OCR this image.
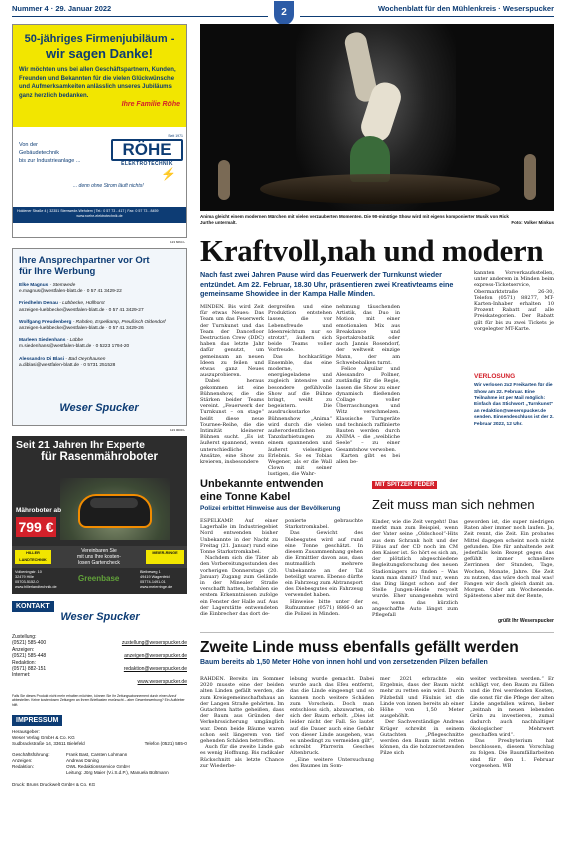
Nummer 4 · 29. Januar 2022	2	Wochenblatt für den Mühlenkreis · Weserspucker
50-jähriges Firmenjubiläum -
wir sagen Danke!
Wir möchten uns bei allen Geschäftspartnern, Kunden, Freunden und Bekannten für die vielen Glückwünsche und Aufmerksamkeiten anlässlich unseres Jubiläums ganz herzlich bedanken.
Ihre Familie Röhe
Von der
Gebäudetechnik
bis zur Industrieanlage ...
Seit 1971
RÖHE
ELEKTROTECHNIK
... denn ohne Strom läuft nichts!
⚡
Holdener Straße 4 | 32351 Stemwede-Wehdem | Tel.: 0 57 73 - 417 | Fax: 0 57 73 - 8459
www.roehe-elektrotechnik.de
123 6064 L
Ihre Ansprechpartner vor Ort
für Ihre Werbung
Elke Magnus - Stemwede
e.magnus@westfalen-blatt.de · 0 57 41 3429-22
Friedhelm Denau - Lübbecke, Hüllhorst
anzeigen-luebbecke@westfalen-blatt.de · 0 57 41 3429-27
Wolfgang Freudenberg - Rahden, Espelkamp, Preußisch Oldendorf
anzeigen-luebbecke@westfalen-blatt.de · 0 57 41 3429-26
Marleen Siedenhans - Lübbe
m.siedenhans@westfalen-blatt.de · 0 5223 1794-20
Alessandro Di Blasi - Bad Oeynhausen
a.diblasi@westfalen-blatt.de · 0 5731 251528
Weser Spucker
123 0000 L
Seit 21 Jahren Ihr Experte
für Rasenmähroboter
Mähroboter ab
799 €
HILLER LANDTECHNIK
Vereinbaren Sie
mit uns Ihre kosten-
losen Gartencheck
MEIER-RINGE
Volkeningstr. 10
32479 Hille
05703-5152-0
www.hillerlandtechnik.de
Greenbase
Bleibeweg 1
49419 Wagenfeld
05774-1491-01
www.meierringe.de
KONTAKT
Weser Spucker
Zustellung:
(0521) 585-400	zustellung@weserspucker.de
Anzeigen:
(0521) 585-448	anzeigen@weserspucker.de
Redaktion:
(0571) 882-151	redaktion@weserspucker.de
Internet:
www.weserspucker.de
Falls Sie dieses Produkt nicht mehr erhalten möchten, können Sie Ihr Zeitungsabonnement durch einen Anruf abbestellen. Keine kostenlosen Zeitungen an Ihrem Briefkasten erwünscht – aber Gewerbewerbung? Ein Aufkleber hilft.
IMPRESSUM
Herausgeber:
Weser Verlag GmbH & Co. KG
Sudbrackstraße 14, 33611 Bielefeld	Telefon (0521) 585-0
Geschäftsführung:	Frank Bast, Carsten Lohmann
Anzeigen:	Andreas Düning
Redaktion:	OWL Redaktionsservice GmbH
Leitung: Jörg Maier (V.i.S.d.P.), Manuela Bültmann
Druck: Bruns Druckwelt GmbH & Co. KG
Anima gleicht einem modernen Märchen mit vielen verzauberten Momenten. Die 90-minütige Show wird mit eigens komponierter Musik von Rick Jurthe untermalt.	Foto: Volker Minkus
Kraftvoll,nah und modern
Nach fast zwei Jahren Pause wird das Feuerwerk der Turnkunst wieder entzündet. Am 22. Februar, 18.30 Uhr, präsentieren zwei Kreativteams eine gemeinsame Showidee in der Kampa Halle Minden.

MINDEN. Bis wird Zeit für etwas Neues: Das Team um das Feuerwerk der Turnkunst und das Team der Dancefloor Destruction Crew (DDC) haben das letzte Jahr dafür genutzt, um gemeinsam an neuen Ideen zu feilen und etwas ganz Neues auszuprobieren.

Dabei heraus gekommen ist eine Bühnenshow, die die Stärken beider Teams vereint. „Feuerwerk der Turnkunst – on stage“ heißt diese neue Tournee-Reihe, die die Intimität kleinerer Bühnen sucht. „Es ist äußerst spannend, wenn unterschiedliche Ansätze, eine Show zu kreieren, insbesondere

dergreifen und eine Produktion entstehen lassen, die vor Lebensfreude und Ideenreichtum nur so strotzt“, äußern sich beide Teams voller Vorfreude.

Das hochkarätige Ensemble, das eine moderne, energiegeladene und zugleich intensive und besondere gefühlvolle Show auf die Bühne bringt, weißt zu begeistern. Die ausdrucksstarke Bühnenshow „Anima“ wird durch die vielen außerordentlichen Tanzdarbietungen zu einem spannenden und äußerst vielseitigen Erlebnis. So es Tobias Wegener, als er die Wall Clown mit seiner lustigen, die Wahr-

nehmung täuschenden Artistik, das Duo in Motion mit einer emotionalen Mix aus Breakdance und Sportakrobatik oder auch Jannis Rosendorf, der weltweit einzige Mann, der am Schwebebalken turnt.

Felice Aguilar und Alessandro Pollner, zuständig für die Regie, lassen die Show zu einer dynamisch fließenden Collage voller Überraschungen und Witz verschmelzen. Klassische Turngeräte und technisch raffinierte Bauten werden durch ANIMA – die „weibliche Seele“ – zu einer Gesamtshow verwoben.

Karten gibt es bei allen be-

kannten Vorverkaufsstellen, unter anderem in Minden beim express-Ticketservice, Obermarktstraße 26-30, Telefon (0571) 88277, MT-Karten-Inhaber erhalten 10 Prozent Rabatt auf alle Preiskategorien. Der Rabatt gilt für bis zu zwei Tickets je vorgelegter MT-Karte.

VERLOSUNG
Wir verlosen 2x2 Freikarten für die Show am 22. Februar. Eine Teilnahme ist per Mail möglich: Einfach das Stichwort „Turnkunst“ an redaktion@weserspucker.de senden. Einsendeschluss ist der 2. Februar 2022, 12 Uhr.
Unbekannte entwenden
eine Tonne Kabel
Polizei erbittet Hinweise aus der Bevölkerung

ESPELKAMP. Auf einer Lagerhalle im Industriegebiet Nord entwenden bisher Unbekannte in der Nacht zu Freitag (21. Januar) rund eine Tonne Starkstromkabel.

Nachdem sich die Täter ab den Vorbereitungsstunden des vorherigen Donnerstags (20. Januar) Zugang zum Gelände in der Minealer Straße verschafft hatten, befahlen sie erstem Erkenntnissen zufolge ein Fenster der Halle auf. Aus der Lagerstätte entwendeten die Einbrecher das dort de-

ponierte gebrauchte Starkstromkabel.

Das Gewicht des Diebesgutes wird auf rund eine Tonne geschätzt. In diesem Zusammenhang gehen die Ermittler davon aus, dass mutmaßlich mehrere Unbekannte an der Tat beteiligt waren. Ebenso dürfte ein Fahrzeug zum Abtransport des Diebesgutes ein Fahrzeug verwendet haben.

Hinweise bitte unter der Rufnummer (0571) 8866-0 an die Polizei in Minden.

MIT SPITZER FEDER
Zeit muss man sich nehmen

Kinder, wie die Zeit vergeht! Das merkt man zum Beispiel, wenn der Vater seine „Oldschool“-Hits aus dem Schrank holt und der Filius auf der CD noch im CM den Kaiser ist. So hört es sich an, der plötzlich abgeschiedene Begleitungsforschung des neuen Stadioniagers zu finden – Was kann man damit? Und nur, wenn das Ding längst schon auf der Stelle Jungen-Heide recycelt wurde. Eher unangenehm wird es, wenn das kürzlich angeschaffte Auto längst zum Pflegefall

geworden ist, die super niedrigen Raten aber immer noch laufen. Ja, Zeit rennt, die Zeit. Ein probates Mittel dagegen scheint noch nicht gefunden. Die für anhaltende zeit jederfalls kein Rezept gegen das gefühlt immer schnellere Zerrinnen der Stunden, Tage, Wochen, Monate, Jahre. Die Zeit zu nutzen, das wäre doch mal was! Fangen wir doch gleich damit an. Morgen. Oder am Wochenende. Spätestens aber mit der Rente,

grüßt Ihr Weserspucker
Zweite Linde muss ebenfalls gefällt werden
Baum bereits ab 1,50 Meter Höhe von innen hohl und von zersetzenden Pilzen befallen

RAHDEN. Bereits im Sommer 2020 musste eine der beiden alten Linden gefällt werden, die zum Kreisgemeinschaftshaus an der Langen Straße gehörten. Im Gutachten hatte geheißen, dass der Baum aus Gründen der Verkehrssicherung umgänglich war. Denn beide Bäume waren schon seit längerem von tief gehenden Schäden betroffen.

Auch für die zweite Linde gab es wenig Hoffnung. Bis radikaler Rückschnitt als letzte Chance zur Wiederbe-

lebung wurde gemacht. Dabei wurde auch das Efeu entfernt, das die Linde eingeengt und so kannen noch weitere Schäden zum Vorschein. Doch man entschloss sich, abzuwarten, ob sich der Baum erholt. „Dies ist leider nicht der Fall. So lautet auf die Dauer auch eine Gefahr von dieser Linde ausgehen, was es unbedingt zu vermeiden gilt“, schreibt Pfarrerin Gesches Altenbruck.

„Eine weitere Untersuchung des Baumes im Som-

mer 2021 erbrachte ein Ergebnis, dass der Baum nicht mehr zu retten sein wird. Durch Pilzbefall und Fäulnis ist die Linde von innen bereits ab einer Höhe von 1,50 Meter ausgehöhlt.

Der Sachverständige Andreas Krüger schreibt in seinem Gutachten „Pflegeschnitte werden den Baum nicht retten können, da die holzzersetzenden Pilze sich

weiter verbreiten werden.“ Er schlägt vor, den Baum zu fällen und die frei werdenden Kosten, die sonst für die Pflege der alten Linde angefallen wären, lieber „zeitnah in neuen lebenden Grün zu investieren, zumal dadurch auch nachhaltiger ökologischer Mehrwert geschaffen wird“.

Das Presbyterium hat beschlossen, diesem Vorschlag zu folgen. Die Baumfällarbeiten sind für den 1. Februar vorgesehen. WB
